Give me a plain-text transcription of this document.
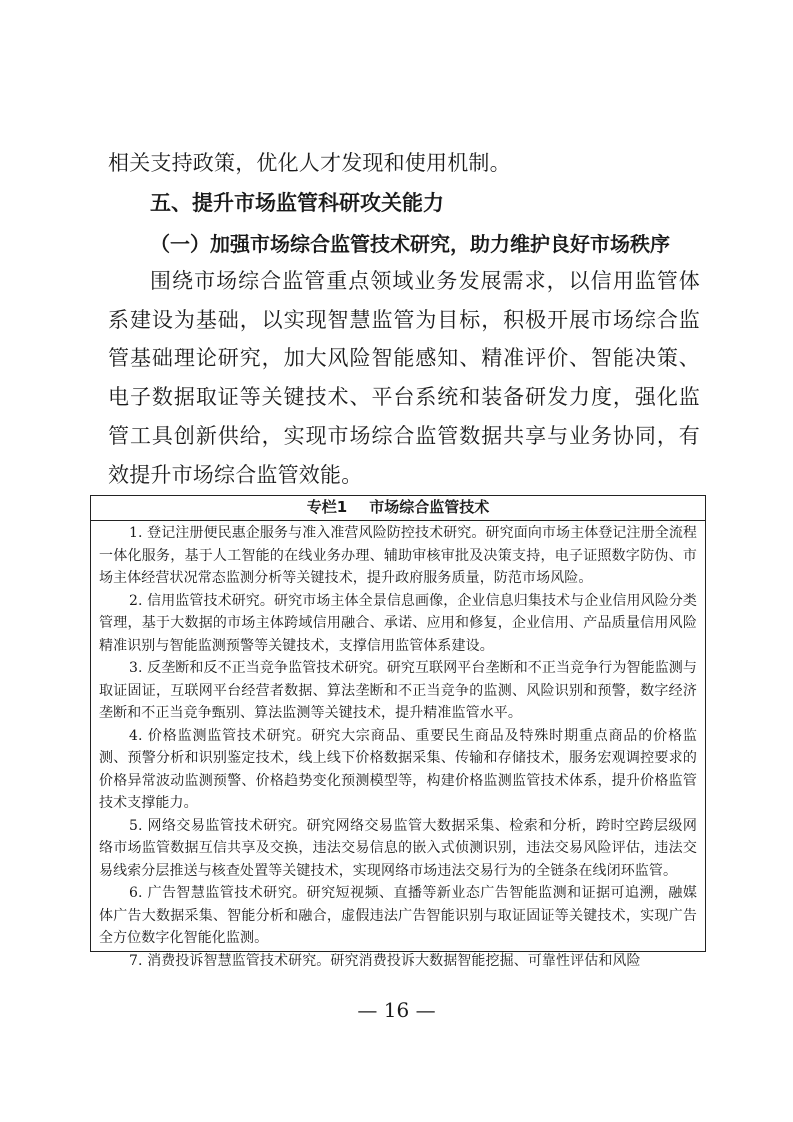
相关支持政策，优化人才发现和使用机制。

五、提升市场监管科研攻关能力
（一）加强市场综合监管技术研究，助力维护良好市场秩序

围绕市场综合监管重点领域业务发展需求，以信用监管体系建设为基础，以实现智慧监管为目标，积极开展市场综合监管基础理论研究，加大风险智能感知、精准评价、智能决策、电子数据取证等关键技术、平台系统和装备研发力度，强化监管工具创新供给，实现市场综合监管数据共享与业务协同，有效提升市场综合监管效能。

专栏1 市场综合监管技术

1. 登记注册便民惠企服务与准入准营风险防控技术研究。研究面向市场主体登记注册全流程一体化服务，基于人工智能的在线业务办理、辅助审核审批及决策支持，电子证照数字防伪、市场主体经营状况常态监测分析等关键技术，提升政府服务质量，防范市场风险。

2. 信用监管技术研究。研究市场主体全景信息画像，企业信息归集技术与企业信用风险分类管理，基于大数据的市场主体跨域信用融合、承诺、应用和修复，企业信用、产品质量信用风险精准识别与智能监测预警等关键技术，支撑信用监管体系建设。

3. 反垄断和反不正当竞争监管技术研究。研究互联网平台垄断和不正当竞争行为智能监测与取证固证，互联网平台经营者数据、算法垄断和不正当竞争的监测、风险识别和预警，数字经济垄断和不正当竞争甄别、算法监测等关键技术，提升精准监管水平。

4. 价格监测监管技术研究。研究大宗商品、重要民生商品及特殊时期重点商品的价格监测、预警分析和识别鉴定技术，线上线下价格数据采集、传输和存储技术，服务宏观调控要求的价格异常波动监测预警、价格趋势变化预测模型等，构建价格监测监管技术体系，提升价格监管技术支撑能力。

5. 网络交易监管技术研究。研究网络交易监管大数据采集、检索和分析，跨时空跨层级网络市场监管数据互信共享及交换，违法交易信息的嵌入式侦测识别，违法交易风险评估，违法交易线索分层推送与核查处置等关键技术，实现网络市场违法交易行为的全链条在线闭环监管。

6. 广告智慧监管技术研究。研究短视频、直播等新业态广告智能监测和证据可追溯，融媒体广告大数据采集、智能分析和融合，虚假违法广告智能识别与取证固证等关键技术，实现广告全方位数字化智能化监测。

7. 消费投诉智慧监管技术研究。研究消费投诉大数据智能挖掘、可靠性评估和风险

— 16 —
